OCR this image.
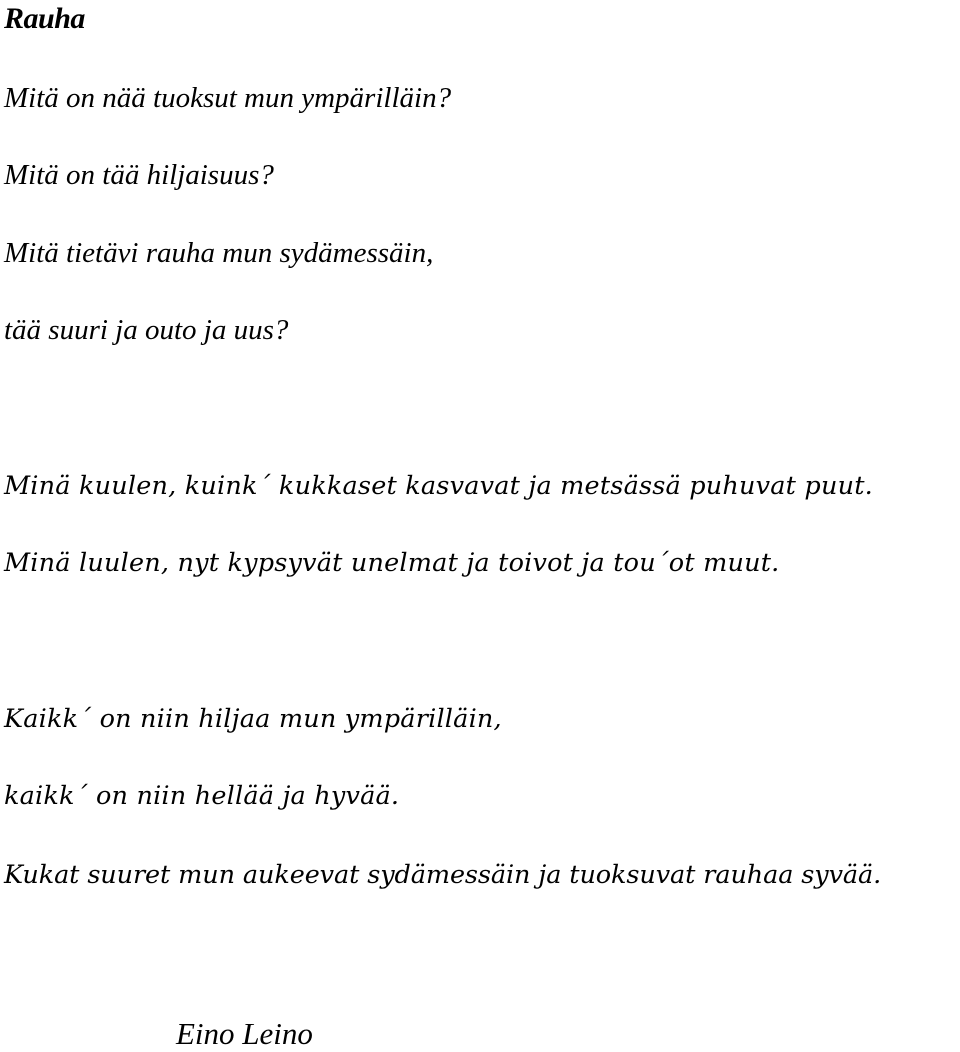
Rauha
Mitä on nää tuoksut mun ympärilläin?
Mitä on tää hiljaisuus?
Mitä tietävi rauha mun sydämessäin,
tää suuri ja outo ja uus?
Minä kuulen, kuink´ kukkaset kasvavat ja metsässä puhuvat puut.
Minä luulen, nyt kypsyvät unelmat ja toivot ja tou´ot muut.
Kaikk´ on niin hiljaa mun ympärilläin,
kaikk´ on niin hellää ja hyvää.
Kukat suuret mun aukeevat sydämessäin ja tuoksuvat rauhaa syvää.
Eino Leino
